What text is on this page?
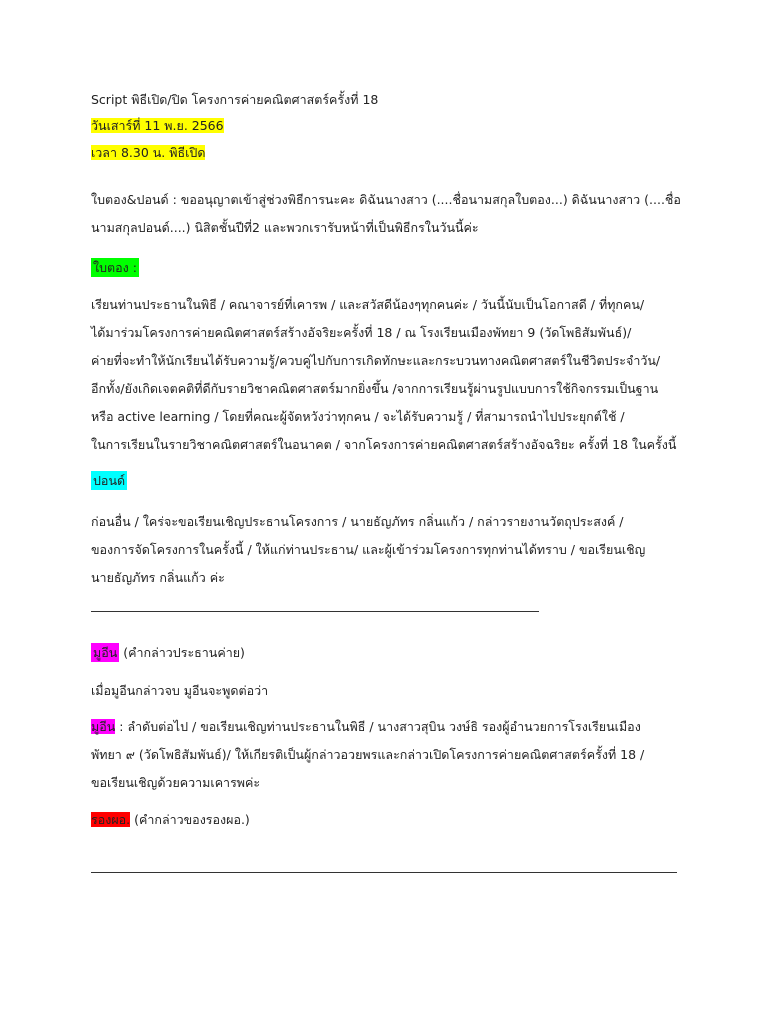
Script พิธีเปิด/ปิด โครงการค่ายคณิตศาสตร์ครั้งที่ 18
วันเสาร์ที่ 11 พ.ย. 2566
เวลา 8.30 น. พิธีเปิด
ใบตอง&ปอนด์ : ขออนุญาตเข้าสู่ช่วงพิธีการนะคะ ดิฉันนางสาว (....ชื่อนามสกุลใบตอง...) ดิฉันนางสาว (....ชื่อ
นามสกุลปอนด์....) นิสิตชั้นปีที่2 และพวกเรารับหน้าที่เป็นพิธีกรในวันนี้ค่ะ
ใบตอง :
เรียนท่านประธานในพิธี / คณาจารย์ที่เคารพ / และสวัสดีน้องๆทุกคนค่ะ / วันนี้นับเป็นโอกาสดี / ที่ทุกคน/
ได้มาร่วมโครงการค่ายคณิตศาสตร์สร้างอัจริยะครั้งที่ 18 / ณ โรงเรียนเมืองพัทยา 9 (วัดโพธิสัมพันธ์)/
ค่ายที่จะทำให้นักเรียนได้รับความรู้/ควบคู่ไปกับการเกิดทักษะและกระบวนทางคณิตศาสตร์ในชีวิตประจำวัน/
อีกทั้ง/ยังเกิดเจตคติที่ดีกับรายวิชาคณิตศาสตร์มากยิ่งขึ้น /จากการเรียนรู้ผ่านรูปแบบการใช้กิจกรรมเป็นฐาน
หรือ active learning / โดยที่คณะผู้จัดหวังว่าทุกคน / จะได้รับความรู้ / ที่สามารถนำไปประยุกต์ใช้ /
ในการเรียนในรายวิชาคณิตศาสตร์ในอนาคต / จากโครงการค่ายคณิตศาสตร์สร้างอัจฉริยะ ครั้งที่ 18 ในครั้งนี้
ปอนด์
ก่อนอื่น / ใคร่จะขอเรียนเชิญประธานโครงการ / นายธัญภัทร กลิ่นแก้ว / กล่าวรายงานวัตถุประสงค์ /
ของการจัดโครงการในครั้งนี้ / ให้แก่ท่านประธาน/ และผู้เข้าร่วมโครงการทุกท่านได้ทราบ / ขอเรียนเชิญ
นายธัญภัทร กลิ่นแก้ว ค่ะ
มูอีน (คำกล่าวประธานค่าย)
เมื่อมูอีนกล่าวจบ มูอีนจะพูดต่อว่า
มูอีน : ลำดับต่อไป / ขอเรียนเชิญท่านประธานในพิธี / นางสาวสุบิน วงษ์ธิ รองผู้อำนวยการโรงเรียนเมือง
พัทยา ๙ (วัดโพธิสัมพันธ์)/ ให้เกียรติเป็นผู้กล่าวอวยพรและกล่าวเปิดโครงการค่ายคณิตศาสตร์ครั้งที่ 18 /
ขอเรียนเชิญด้วยความเคารพค่ะ
รองผอ. (คำกล่าวของรองผอ.)
